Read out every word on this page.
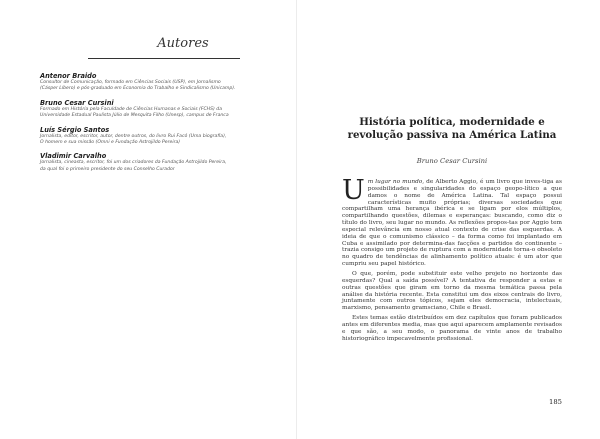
Autores
Antenor Braido
Consultor de Comunicação, formado em Ciências Sociais (USP), em Jornalismo
(Cásper Líbero) e pós-graduado em Economia do Trabalho e Sindicalismo (Unicamp).
Bruno Cesar Cursini
Formado em História pela Faculdade de Ciências Humanas e Sociais (FCHS) da
Universidade Estadual Paulista Júlio de Mesquita Filho (Unesp), campus de Franca
Luís Sérgio Santos
Jornalista, editor, escritor, autor, dentre outros, do livro Rui Facó (Uma biografia),
O homem e sua missão (Omni e Fundação Astrojildo Pereira)
Vladimir Carvalho
Jornalista, cineasta, escritor, foi um dos criadores da Fundação Astrojildo Pereira,
da qual foi o primeiro presidente do seu Conselho Curador
História política, modernidade e
revolução passiva na América Latina
Bruno Cesar Cursini

Um lugar no mundo, de Alberto Aggio, é um livro que inves-tiga as possibilidades e singularidades do espaço geopo-lítico a que damos o nome de América Latina. Tal espaço possui características muito próprias; diversas sociedades que compartilham uma herança ibérica e se ligam por elos múltiplos, compartilhando questões, dilemas e esperanças: buscando, como diz o título do livro, seu lugar no mundo. As reflexões propos-tas por Aggio tem especial relevância em nosso atual contexto de crise das esquerdas. A ideia de que o comunismo clássico – da forma como foi implantado em Cuba e assimilado por determina-das facções e partidos do continente – trazia consigo um projeto de ruptura com a modernidade torna-o obsoleto no quadro de tendências de alinhamento político atuais: é um ator que cumpriu seu papel histórico.

O que, porém, pode substituir este velho projeto no horizonte das esquerdas? Qual a saída possível? A tentativa de responder a estas e outras questões que giram em torno da mesma temática passa pela análise da história recente. Esta constitui um dos eixos centrais do livro, juntamente com outros tópicos, sejam eles democracia, intelectuais, marxismo, pensamento gramsciano, Chile e Brasil.

Estes temas estão distribuídos em dez capítulos que foram publicados antes em diferentes media, mas que aqui aparecem amplamente revisados e que são, a seu modo, o panorama de vinte anos de trabalho historiográfico impecavelmente profissional.

185
